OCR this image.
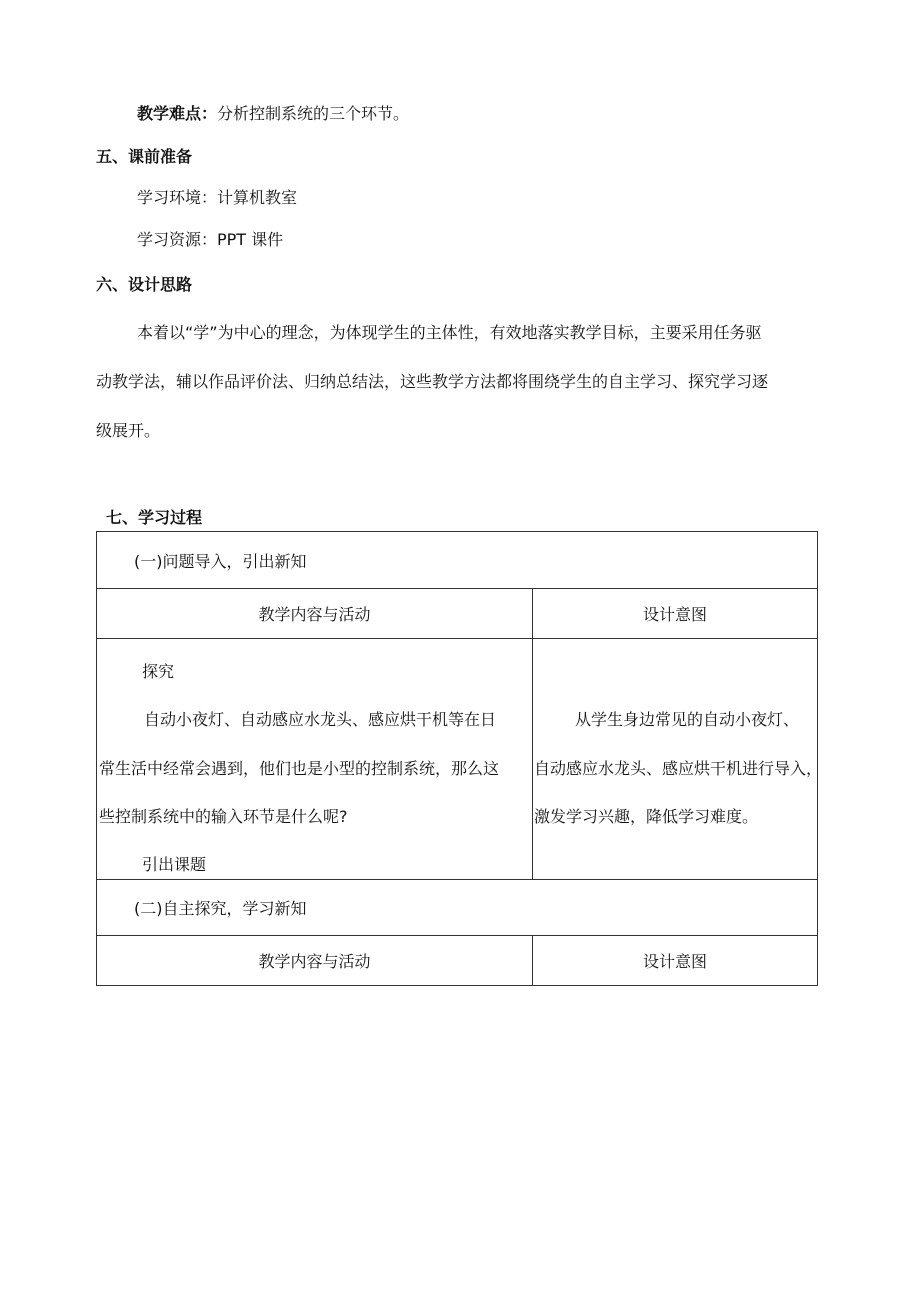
教学难点：分析控制系统的三个环节。
五、课前准备
学习环境：计算机教室
学习资源：PPT 课件
六、设计思路
本着以“学”为中心的理念，为体现学生的主体性，有效地落实教学目标，主要采用任务驱
动教学法，辅以作品评价法、归纳总结法，这些教学方法都将围绕学生的自主学习、探究学习逐
级展开。
七、学习过程
(一)问题导入，引出新知
教学内容与活动	设计意图
探究
自动小夜灯、自动感应水龙头、感应烘干机等在日
常生活中经常会遇到，他们也是小型的控制系统，那么这
些控制系统中的输入环节是什么呢?
引出课题
从学生身边常见的自动小夜灯、
自动感应水龙头、感应烘干机进行导入，
激发学习兴趣，降低学习难度。
(二)自主探究，学习新知
教学内容与活动	设计意图
